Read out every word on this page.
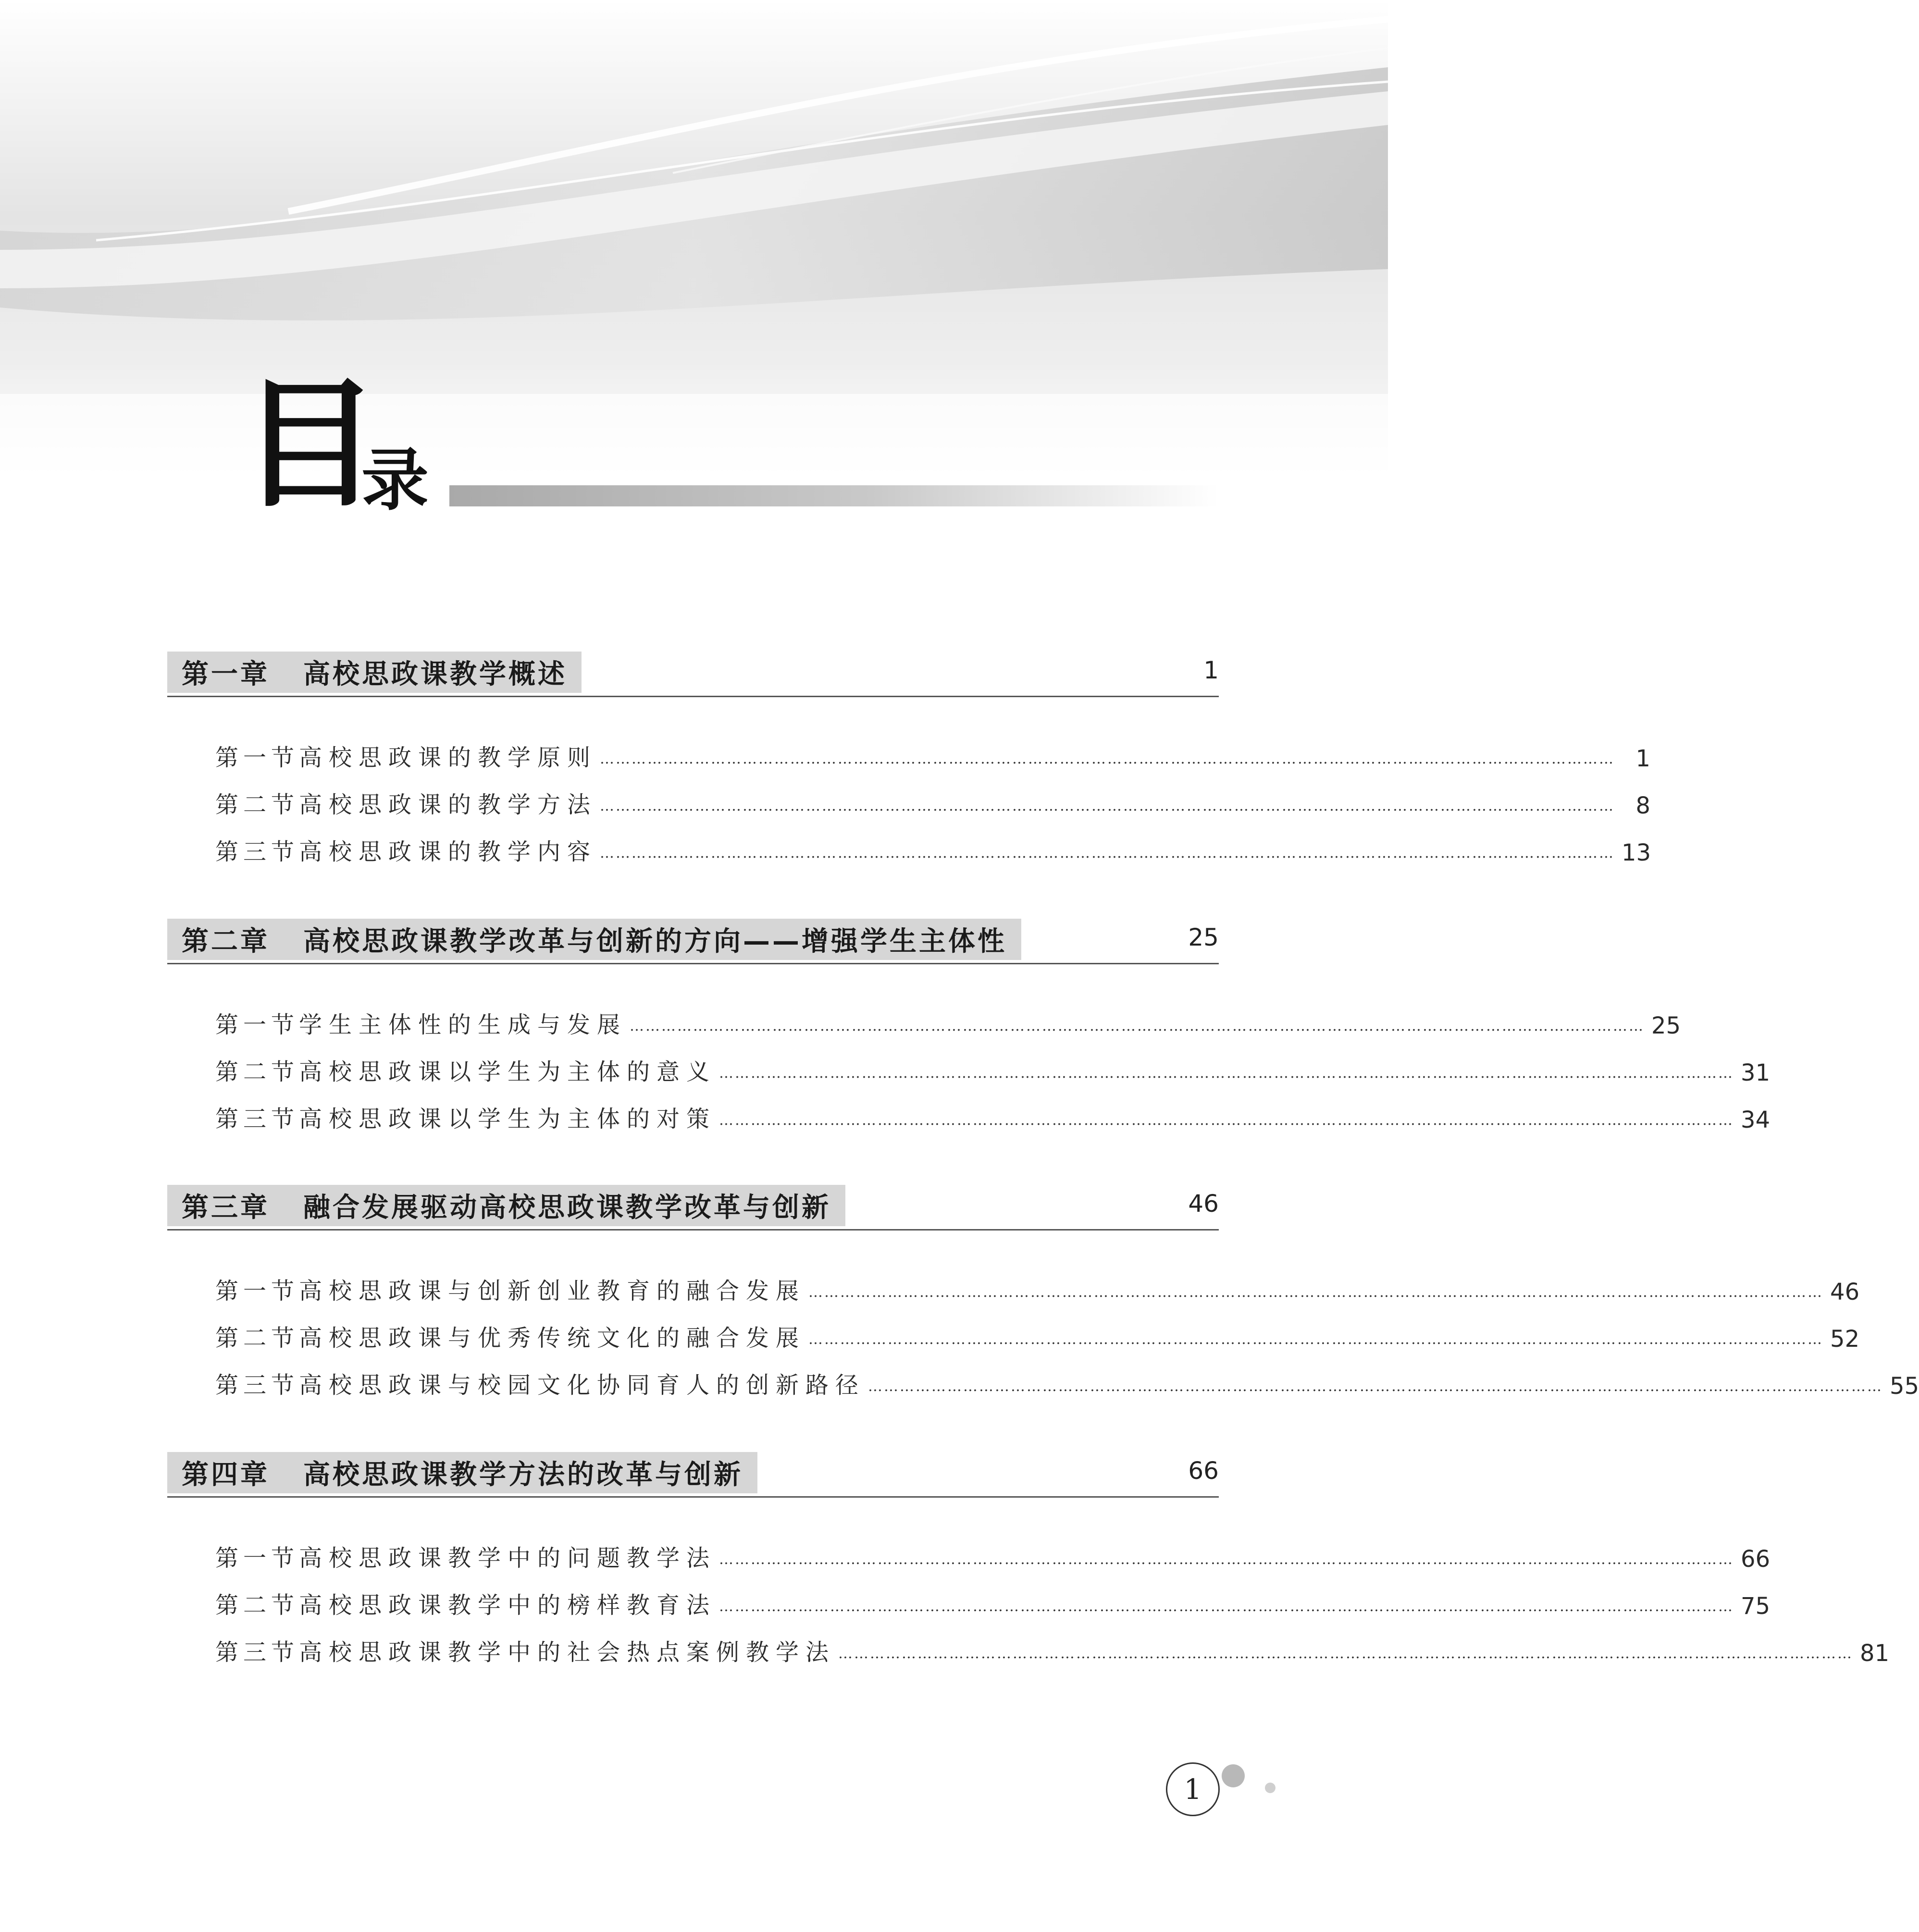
目
录
第一章 高校思政课教学概述	1
第一节 高校思政课的教学原则 ………………………………………………………………………………………………………………………………………………………………………… 1
第二节 高校思政课的教学方法 ………………………………………………………………………………………………………………………………………………………………………… 8
第三节 高校思政课的教学内容 ………………………………………………………………………………………………………………………………………………………………………… 13
第二章 高校思政课教学改革与创新的方向——增强学生主体性	25
第一节 学生主体性的生成与发展 ………………………………………………………………………………………………………………………………………………………………………… 25
第二节 高校思政课以学生为主体的意义 ………………………………………………………………………………………………………………………………………………………………………… 31
第三节 高校思政课以学生为主体的对策 ………………………………………………………………………………………………………………………………………………………………………… 34
第三章 融合发展驱动高校思政课教学改革与创新	46
第一节 高校思政课与创新创业教育的融合发展 ………………………………………………………………………………………………………………………………………………………………………… 46
第二节 高校思政课与优秀传统文化的融合发展 ………………………………………………………………………………………………………………………………………………………………………… 52
第三节 高校思政课与校园文化协同育人的创新路径 ………………………………………………………………………………………………………………………………………………………………………… 55
第四章 高校思政课教学方法的改革与创新	66
第一节 高校思政课教学中的问题教学法 ………………………………………………………………………………………………………………………………………………………………………… 66
第二节 高校思政课教学中的榜样教育法 ………………………………………………………………………………………………………………………………………………………………………… 75
第三节 高校思政课教学中的社会热点案例教学法 ………………………………………………………………………………………………………………………………………………………………………… 81
1
